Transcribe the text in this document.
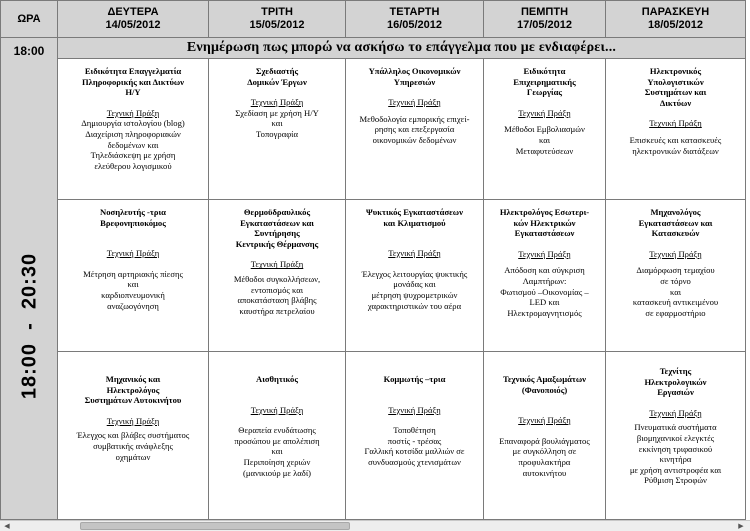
ΩΡΑ
ΔΕΥΤΕΡΑ
14/05/2012
ΤΡΙΤΗ
15/05/2012
ΤΕΤΑΡΤΗ
16/05/2012
ΠΕΜΠΤΗ
17/05/2012
ΠΑΡΑΣΚΕΥΗ
18/05/2012
18:00
18:00  -  20:30
Ενημέρωση πως μπορώ να ασκήσω το επάγγελμα που με ενδιαφέρει...
Ειδικότητα Επαγγελματία
Πληροφορικής και Δικτύων
Η/Υ
Τεχνική Πράξη
Δημιουργία ιστολογίου (blog)
Διαχείριση πληροφοριακών
δεδομένων και
Τηλεδιάσκεψη με χρήση
ελεύθερου λογισμικού
Σχεδιαστής
Δομικών Έργων
Τεχνική Πράξη
Σχεδίαση με χρήση Η/Υ
και
Τοπογραφία
Υπάλληλος Οικονομικών
Υπηρεσιών
Τεχνική Πράξη
Μεθοδολογία εμπορικής επιχεί-
ρησης και επεξεργασία
οικονομικών δεδομένων
Ειδικότητα
Επιχειρηματικής
Γεωργίας
Τεχνική Πράξη
Μέθοδοι Εμβολιασμών
και
Μεταφυτεύσεων
Ηλεκτρονικός
Υπολογιστικών
Συστημάτων και
Δικτύων
Τεχνική Πράξη
Επισκευές και κατασκευές
ηλεκτρονικών διατάξεων
Νοσηλευτής -τρια
Βρεφονηπιοκόμος
Τεχνική Πράξη
Μέτρηση αρτηριακής πίεσης
και
καρδιοπνευμονική
αναζωογόνηση
Θερμοϋδραυλικός
Εγκαταστάσεων και
Συντήρησης
Κεντρικής Θέρμανσης
Τεχνική Πράξη
Μέθοδοι συγκολλήσεων,
εντοπισμός και
αποκατάσταση βλάβης
καυστήρα πετρελαίου
Ψυκτικός Εγκαταστάσεων
και Κλιματισμού
Τεχνική Πράξη
Έλεγχος λειτουργίας ψυκτικής
μονάδας και
μέτρηση ψυχρομετρικών
χαρακτηριστικών του αέρα
Ηλεκτρολόγος Εσωτερι-
κών Ηλεκτρικών
Εγκαταστάσεων
Τεχνική Πράξη
Απόδοση και σύγκριση
Λαμπτήρων:
Φωτισμού –Οικονομίας –
LED και
Ηλεκτρομαγνητισμός
Μηχανολόγος
Εγκαταστάσεων και
Κατασκευών
Τεχνική Πράξη
Διαμόρφωση τεμαχίου
σε τόρνο
και
κατασκευή αντικειμένου
σε εφαρμοστήριο
Μηχανικός και
Ηλεκτρολόγος
Συστημάτων Αυτοκινήτου
Τεχνική Πράξη
Έλεγχος και βλάβες συστήματος
συμβατικής ανάφλεξης
οχημάτων
Αισθητικός
Τεχνική Πράξη
Θεραπεία ενυδάτωσης
προσώπου με απολέπιση
και
Περιποίηση χεριών
(μανικιούρ με λαδί)
Κομμωτής –τρια
Τεχνική Πράξη
Τοποθέτηση
ποστίς - τρέσας
Γαλλική κοτσίδα μαλλιών σε
συνδυασμούς χτενισμάτων
Τεχνικός Αμαξωμάτων
(Φανοποιός)
Τεχνική Πράξη
Επαναφορά βουλιάγματος
με συγκόλληση σε
προφυλακτήρα
αυτοκινήτου
Τεχνίτης
Ηλεκτρολογικών
Εργασιών
Τεχνική Πράξη
Πνευματικά συστήματα
βιομηχανικοί ελεγκτές
εκκίνηση τριφασικού
κινητήρα
με χρήση αντιστροφέα και
Ρύθμιση Στροφών
◀	▶
